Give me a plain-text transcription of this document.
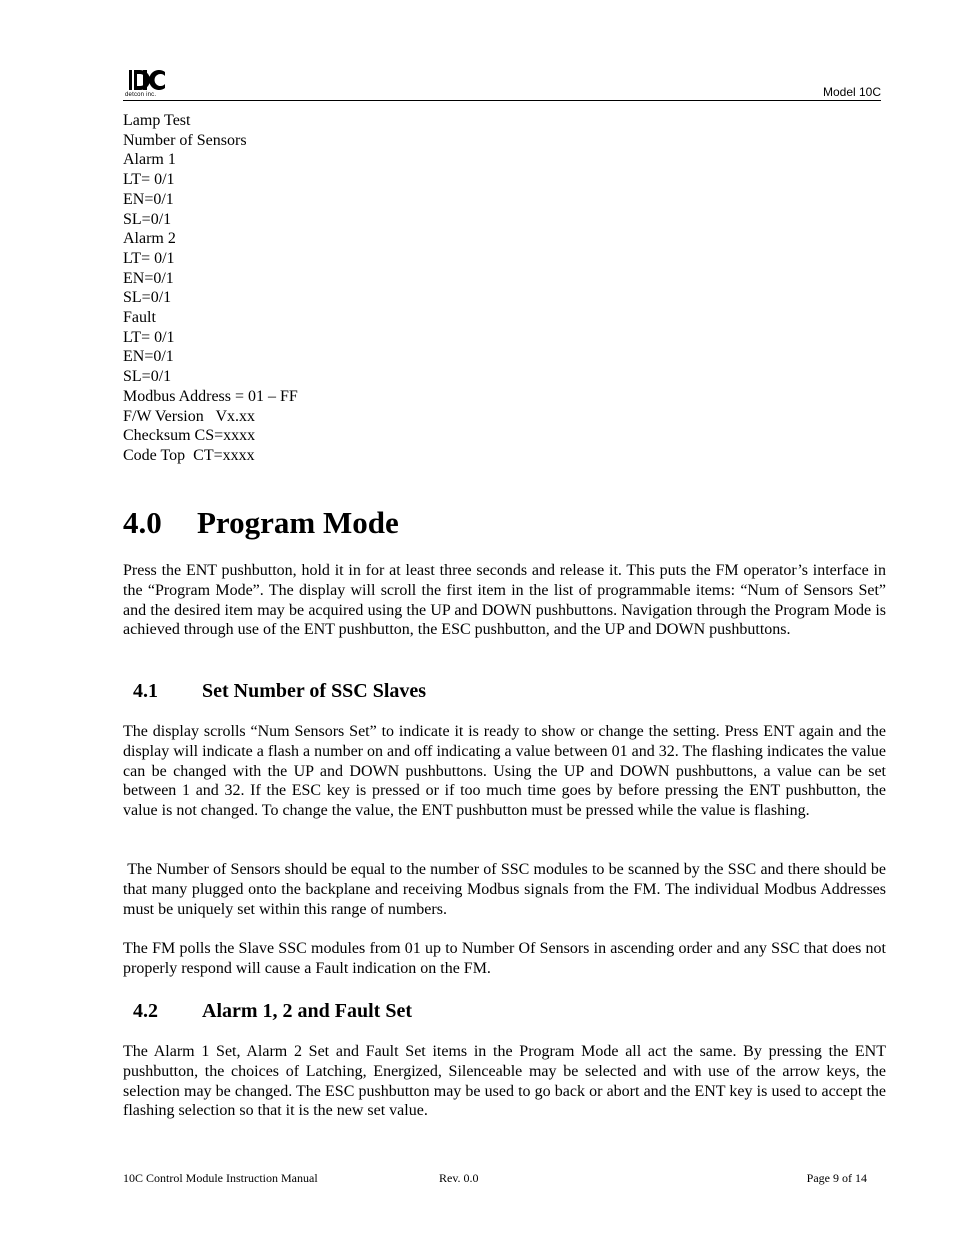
detcon inc.	Model 10C
Lamp Test
Number of Sensors
Alarm 1
LT= 0/1
EN=0/1
SL=0/1
Alarm 2
LT= 0/1
EN=0/1
SL=0/1
Fault
LT= 0/1
EN=0/1
SL=0/1
Modbus Address = 01 – FF
F/W Version   Vx.xx
Checksum CS=xxxx
Code Top  CT=xxxx
4.0 Program Mode

Press the ENT pushbutton, hold it in for at least three seconds and release it. This puts the FM operator’s interface in the “Program Mode”. The display will scroll the first item in the list of programmable items: “Num of Sensors Set” and the desired item may be acquired using the UP and DOWN pushbuttons. Navigation through the Program Mode is achieved through use of the ENT pushbutton, the ESC pushbutton, and the UP and DOWN pushbuttons.

4.1 Set Number of SSC Slaves

The display scrolls “Num Sensors Set” to indicate it is ready to show or change the setting. Press ENT again and the display will indicate a flash a number on and off indicating a value between 01 and 32. The flashing indicates the value can be changed with the UP and DOWN pushbuttons. Using the UP and DOWN pushbuttons, a value can be set between 1 and 32. If the ESC key is pressed or if too much time goes by before pressing the ENT pushbutton, the value is not changed. To change the value, the ENT pushbutton must be pressed while the value is flashing.

The Number of Sensors should be equal to the number of SSC modules to be scanned by the SSC and there should be that many plugged onto the backplane and receiving Modbus signals from the FM. The individual Modbus Addresses must be uniquely set within this range of numbers.

The FM polls the Slave SSC modules from 01 up to Number Of Sensors in ascending order and any SSC that does not properly respond will cause a Fault indication on the FM.

4.2 Alarm 1, 2 and Fault Set

The Alarm 1 Set, Alarm 2 Set and Fault Set items in the Program Mode all act the same. By pressing the ENT pushbutton, the choices of Latching, Energized, Silenceable may be selected and with use of the arrow keys, the selection may be changed. The ESC pushbutton may be used to go back or abort and the ENT key is used to accept the flashing selection so that it is the new set value.

10C Control Module Instruction Manual	Rev. 0.0	Page 9 of 14
